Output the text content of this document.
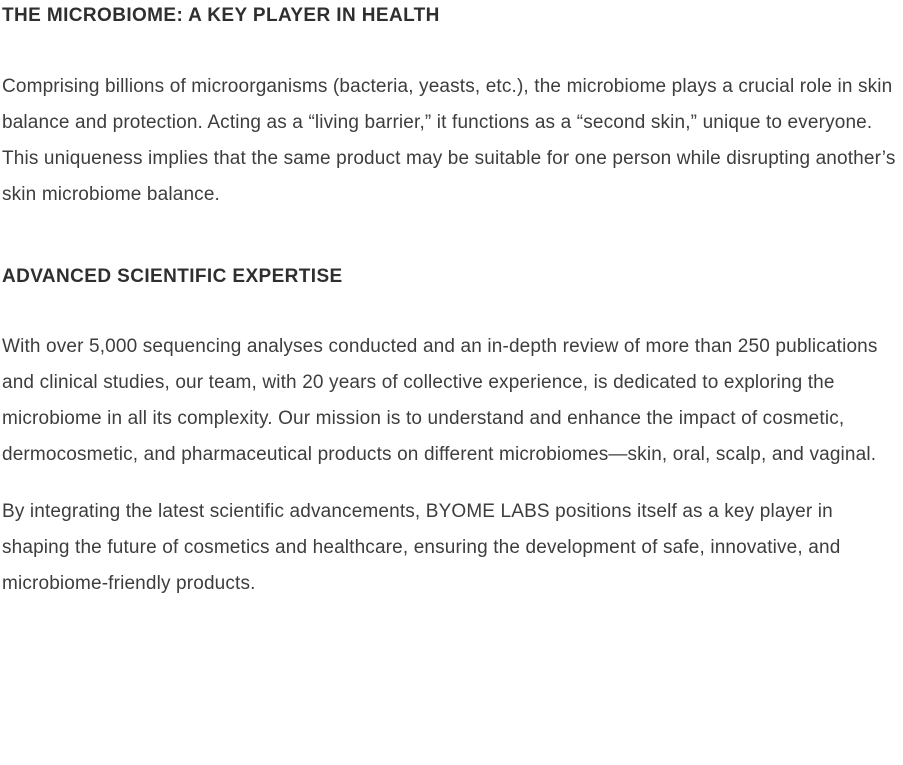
THE MICROBIOME: A KEY PLAYER IN HEALTH

Comprising billions of microorganisms (bacteria, yeasts, etc.), the microbiome plays a crucial role in skin balance and protection. Acting as a “living barrier,” it functions as a “second skin,” unique to everyone. This uniqueness implies that the same product may be suitable for one person while disrupting another’s skin microbiome balance.

ADVANCED SCIENTIFIC EXPERTISE

With over 5,000 sequencing analyses conducted and an in-depth review of more than 250 publications and clinical studies, our team, with 20 years of collective experience, is dedicated to exploring the microbiome in all its complexity. Our mission is to understand and enhance the impact of cosmetic, dermocosmetic, and pharmaceutical products on different microbiomes—skin, oral, scalp, and vaginal.

By integrating the latest scientific advancements, BYOME LABS positions itself as a key player in shaping the future of cosmetics and healthcare, ensuring the development of safe, innovative, and microbiome-friendly products.
